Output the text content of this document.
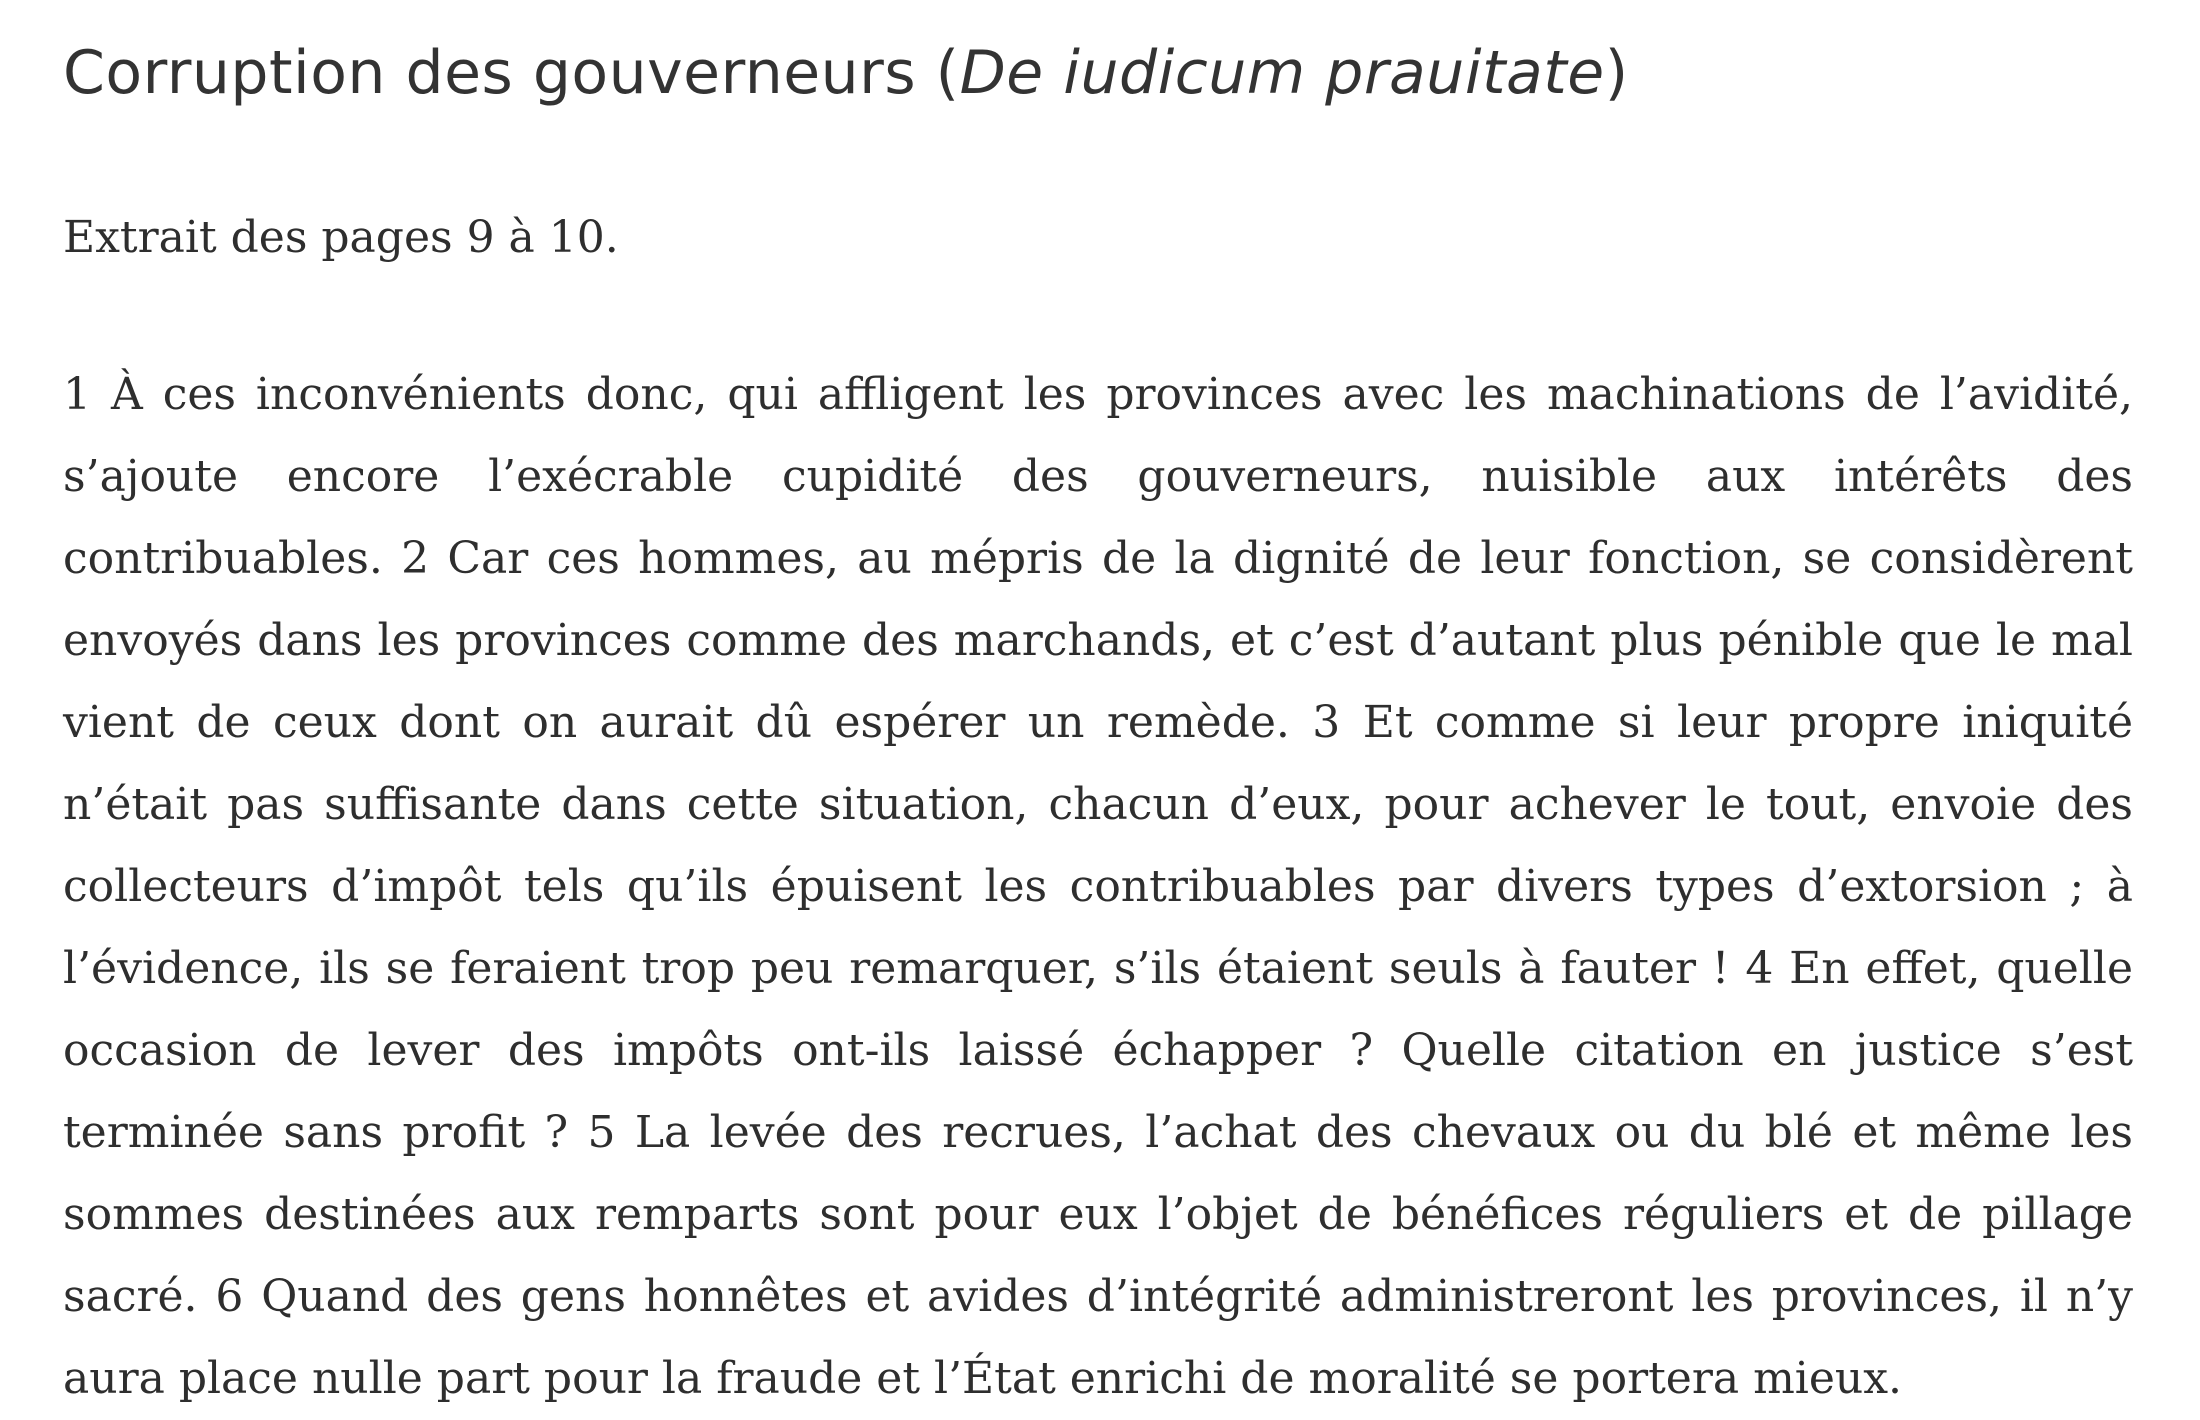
Corruption des gouverneurs (De iudicum prauitate)

Extrait des pages 9 à 10.

1 À ces inconvénients donc, qui affligent les provinces avec les machinations de l’avidité, s’ajoute encore l’exécrable cupidité des gouverneurs, nuisible aux intérêts des contribuables. 2 Car ces hommes, au mépris de la dignité de leur fonction, se considèrent envoyés dans les provinces comme des marchands, et c’est d’autant plus pénible que le mal vient de ceux dont on aurait dû espérer un remède. 3 Et comme si leur propre iniquité n’était pas suffisante dans cette situation, chacun d’eux, pour achever le tout, envoie des collecteurs d’impôt tels qu’ils épuisent les contribuables par divers types d’extorsion ; à l’évidence, ils se feraient trop peu remarquer, s’ils étaient seuls à fauter ! 4 En effet, quelle occasion de lever des impôts ont-ils laissé échapper ? Quelle citation en justice s’est terminée sans profit ? 5 La levée des recrues, l’achat des chevaux ou du blé et même les sommes destinées aux remparts sont pour eux l’objet de bénéfices réguliers et de pillage sacré. 6 Quand des gens honnêtes et avides d’intégrité administreront les provinces, il n’y aura place nulle part pour la fraude et l’État enrichi de moralité se portera mieux.
